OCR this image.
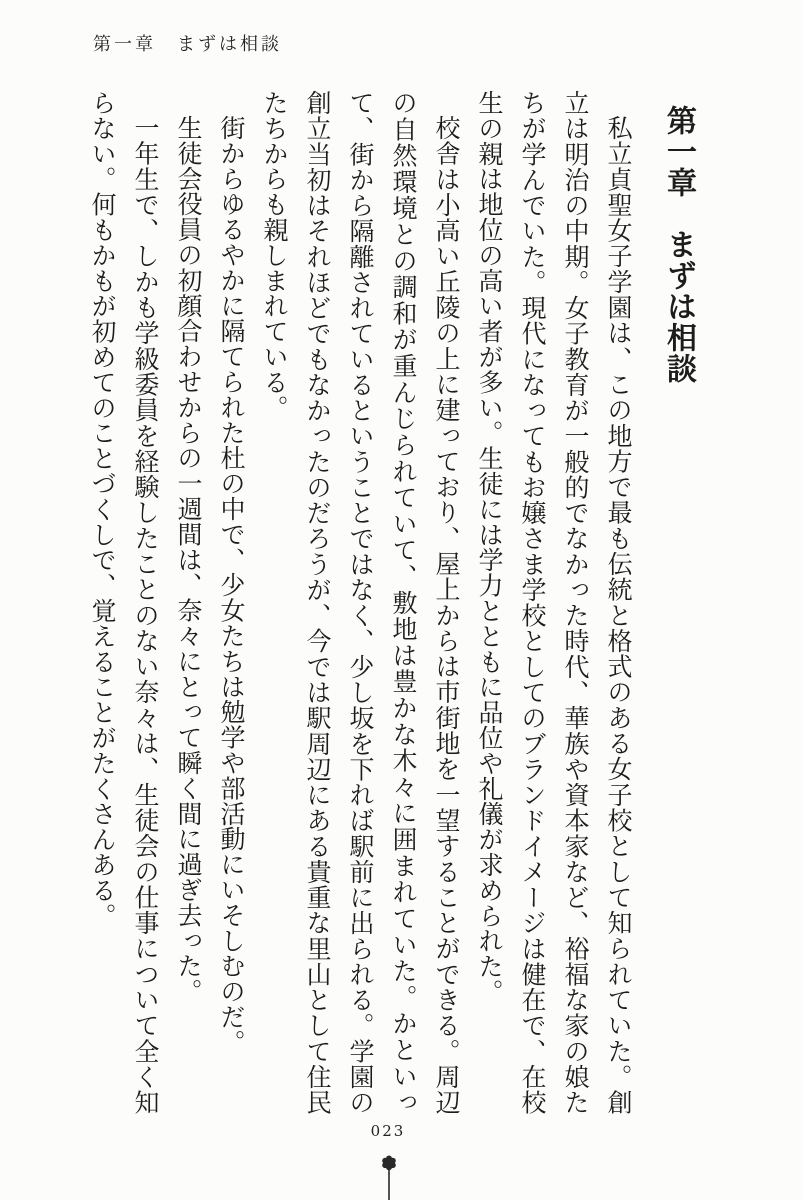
第一章　まずは相談
第一章　まずは相談

私立貞聖女子学園は、この地方で最も伝統と格式のある女子校として知られていた。創立は明治の中期。女子教育が一般的でなかった時代、華族や資本家など、裕福な家の娘たちが学んでいた。現代になってもお嬢さま学校としてのブランドイメージは健在で、在校生の親は地位の高い者が多い。生徒には学力とともに品位や礼儀が求められた。

校舎は小高い丘陵の上に建っており、屋上からは市街地を一望することができる。周辺の自然環境との調和が重んじられていて、敷地は豊かな木々に囲まれていた。かといって、街から隔離されているということではなく、少し坂を下れば駅前に出られる。学園の創立当初はそれほどでもなかったのだろうが、今では駅周辺にある貴重な里山として住民たちからも親しまれている。

街からゆるやかに隔てられた杜の中で、少女たちは勉学や部活動にいそしむのだ。

生徒会役員の初顔合わせからの一週間は、奈々にとって瞬く間に過ぎ去った。

一年生で、しかも学級委員を経験したことのない奈々は、生徒会の仕事について全く知らない。何もかもが初めてのことづくしで、覚えることがたくさんある。

023
